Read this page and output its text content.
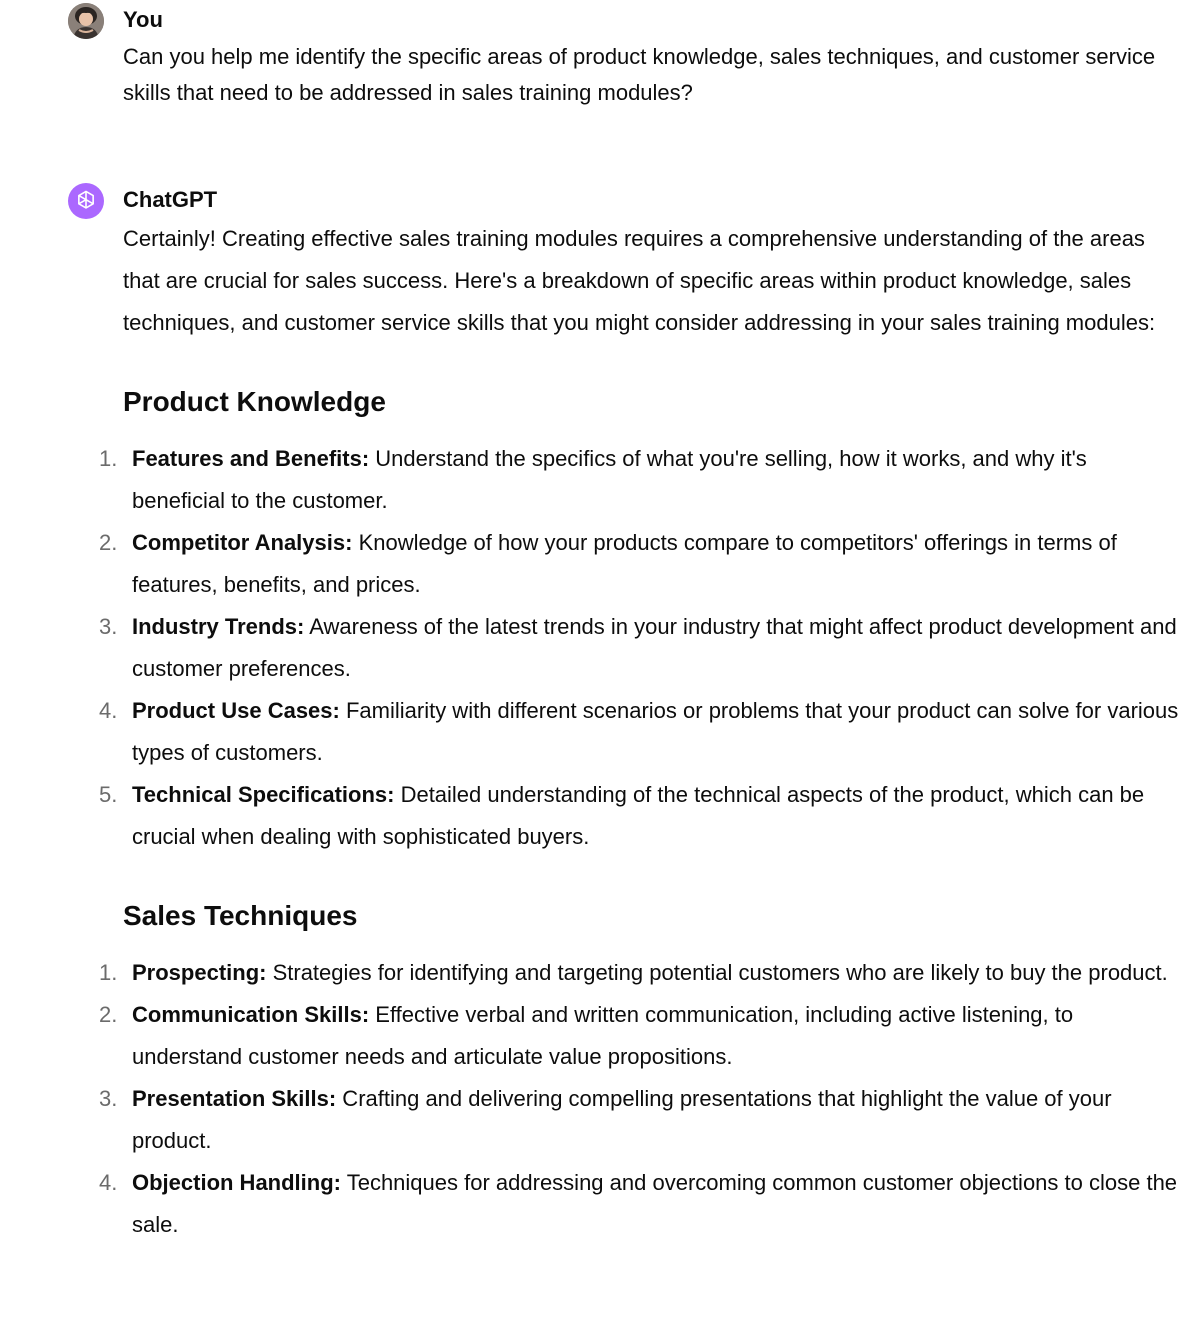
You
Can you help me identify the specific areas of product knowledge, sales techniques, and customer service skills that need to be addressed in sales training modules?
ChatGPT

Certainly! Creating effective sales training modules requires a comprehensive understanding of the areas that are crucial for sales success. Here's a breakdown of specific areas within product knowledge, sales techniques, and customer service skills that you might consider addressing in your sales training modules:

Product Knowledge
1. Features and Benefits: Understand the specifics of what you're selling, how it works, and why it's beneficial to the customer.
2. Competitor Analysis: Knowledge of how your products compare to competitors' offerings in terms of features, benefits, and prices.
3. Industry Trends: Awareness of the latest trends in your industry that might affect product development and customer preferences.
4. Product Use Cases: Familiarity with different scenarios or problems that your product can solve for various types of customers.
5. Technical Specifications: Detailed understanding of the technical aspects of the product, which can be crucial when dealing with sophisticated buyers.
Sales Techniques
1. Prospecting: Strategies for identifying and targeting potential customers who are likely to buy the product.
2. Communication Skills: Effective verbal and written communication, including active listening, to understand customer needs and articulate value propositions.
3. Presentation Skills: Crafting and delivering compelling presentations that highlight the value of your product.
4. Objection Handling: Techniques for addressing and overcoming common customer objections to close the sale.
